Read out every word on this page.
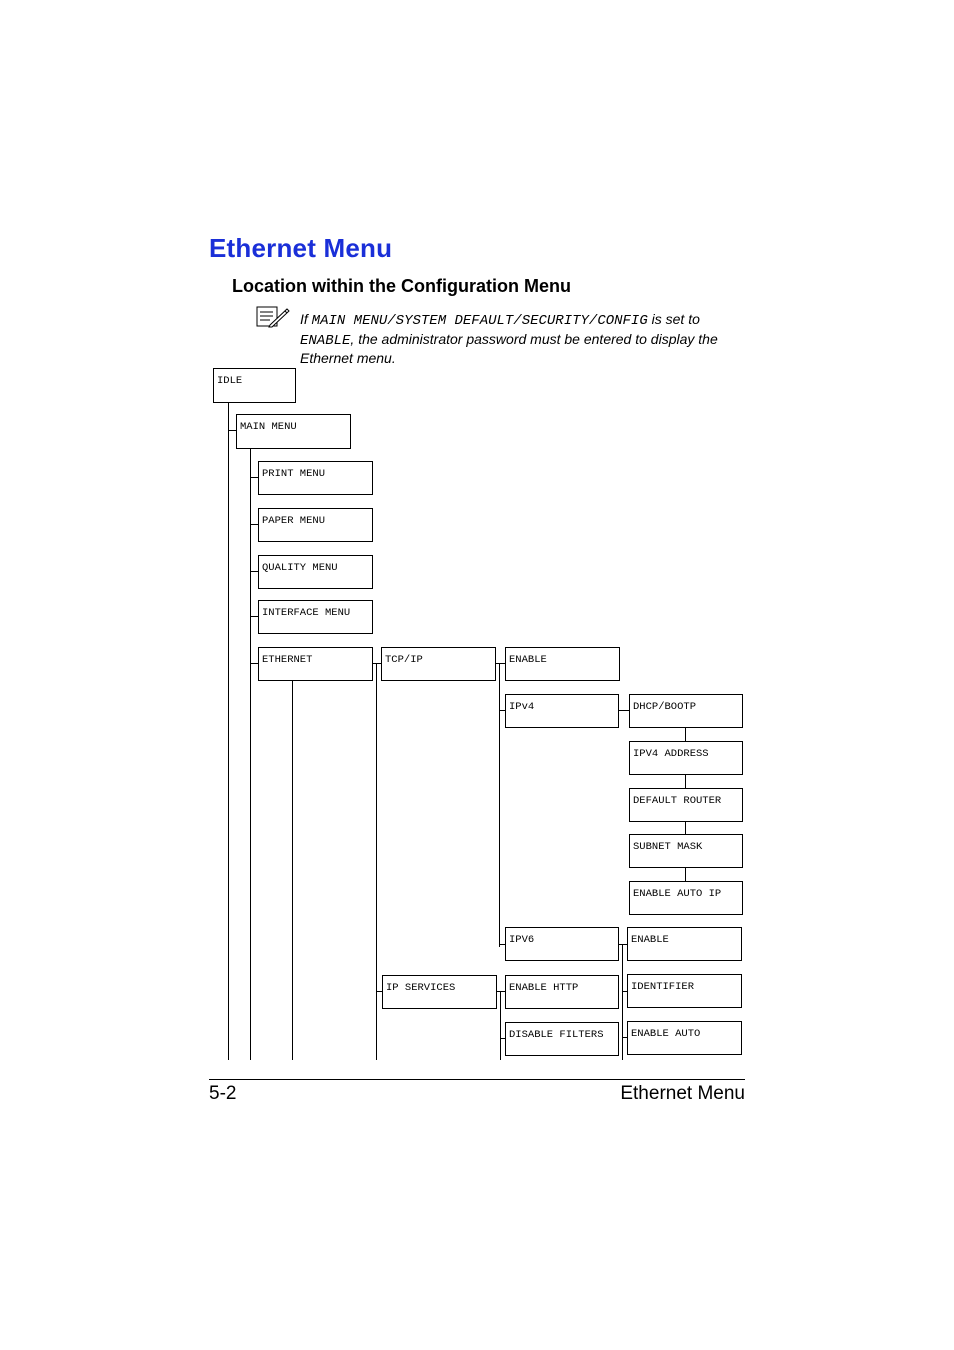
Ethernet Menu
Location within the Configuration Menu
If MAIN MENU/SYSTEM DEFAULT/SECURITY/CONFIG is set to ENABLE, the administrator password must be entered to display the Ethernet menu.
IDLE
MAIN MENU
PRINT MENU
PAPER MENU
QUALITY MENU
INTERFACE MENU
ETHERNET	TCP/IP	ENABLE
IPv4	DHCP/BOOTP
IPV4 ADDRESS
DEFAULT ROUTER
SUBNET MASK
ENABLE AUTO IP
IPV6	ENABLE
IP SERVICES	ENABLE HTTP	IDENTIFIER
DISABLE FILTERS	ENABLE AUTO
5-2	Ethernet Menu
